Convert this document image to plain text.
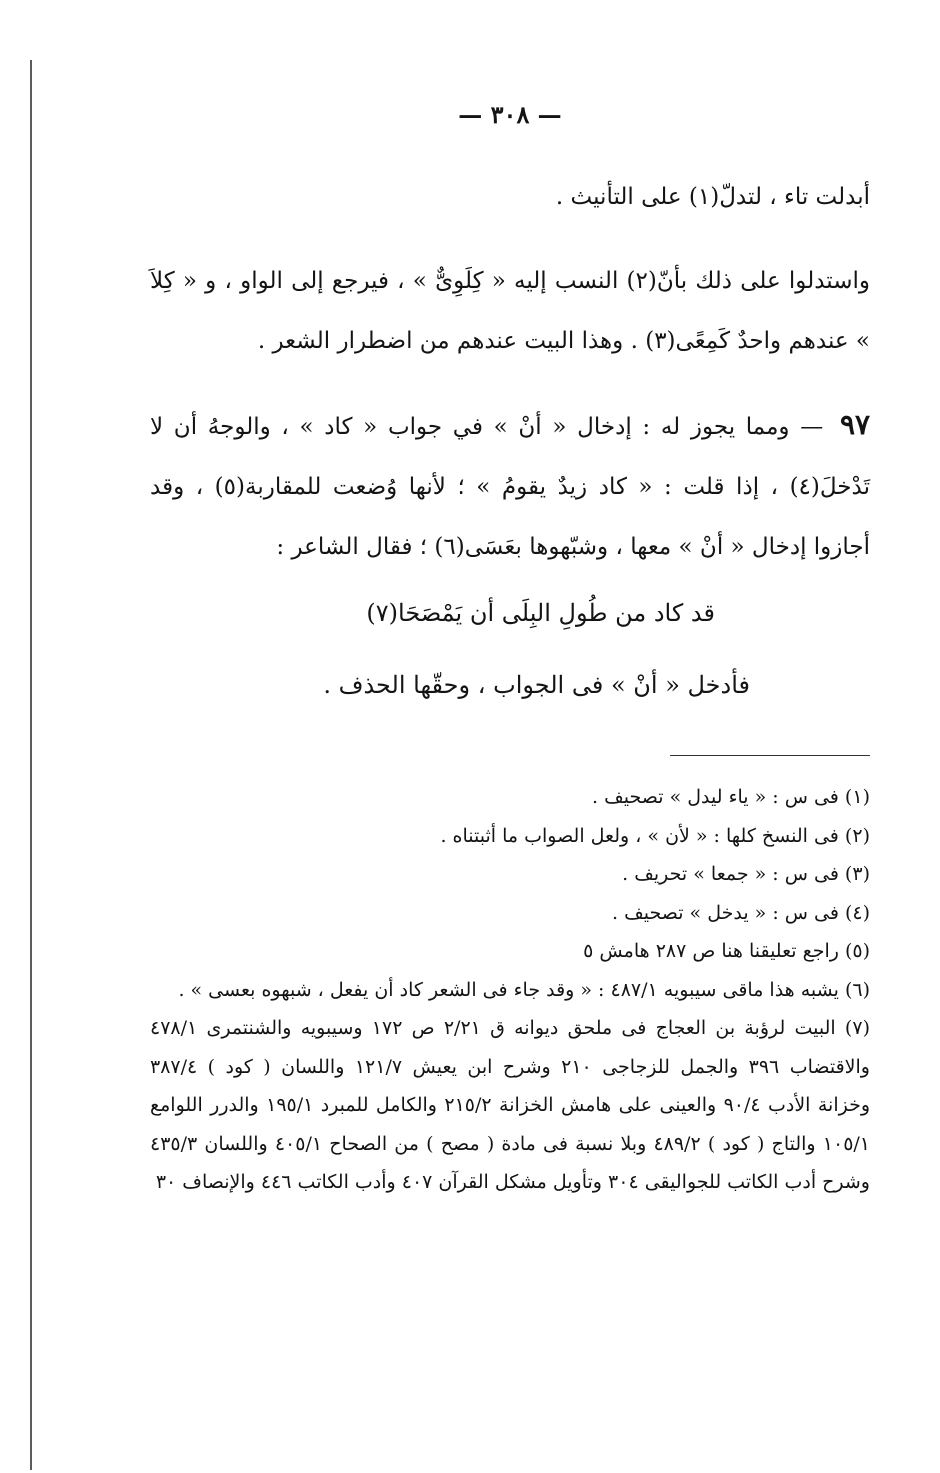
— ٣٠٨ —

أبدلت تاء ، لتدلّ(١) على التأنيث .

واستدلوا على ذلك بأنّ(٢) النسب إليه « كِلَوِىٌّ » ، فيرجع إلى الواو ، و « كِلاَ » عندهم واحدٌ كَمِعًى(٣) . وهذا البيت عندهم من اضطرار الشعر .

٩٧ — ومما يجوز له : إدخال « أنْ » في جواب « كاد » ، والوجهُ أن لا تَدْخلَ(٤) ، إذا قلت : « كاد زيدٌ يقومُ » ؛ لأنها وُضعت للمقاربة(٥) ، وقد أجازوا إدخال « أنْ » معها ، وشبّهوها بعَسَى(٦) ؛ فقال الشاعر :

قد كاد من طُولِ البِلَى أن يَمْصَحَا(٧)

فأدخل « أنْ » فى الجواب ، وحقّها الحذف .

(١) فى س : « ياء ليدل » تصحيف .

(٢) فى النسخ كلها : « لأن » ، ولعل الصواب ما أثبتناه .

(٣) فى س : « جمعا » تحريف .

(٤) فى س : « يدخل » تصحيف .

(٥) راجع تعليقنا هنا ص ٢٨٧ هامش ٥

(٦) يشبه هذا ماقى سيبويه ٤٨٧/١ : « وقد جاء فى الشعر كاد أن يفعل ، شبهوه بعسى » .

(٧) البيت لرؤبة بن العجاج فى ملحق ديوانه ق ٢/٢١ ص ١٧٢ وسيبويه والشنتمرى ٤٧٨/١ والاقتضاب ٣٩٦ والجمل للزجاجى ٢١٠ وشرح ابن يعيش ١٢١/٧ واللسان ( كود ) ٣٨٧/٤ وخزانة الأدب ٩٠/٤ والعينى على هامش الخزانة ٢١٥/٢ والكامل للمبرد ١٩٥/١ والدرر اللوامع ١٠٥/١ والتاج ( كود ) ٤٨٩/٢ وبلا نسبة فى مادة ( مصح ) من الصحاح ٤٠٥/١ واللسان ٤٣٥/٣ وشرح أدب الكاتب للجواليقى ٣٠٤ وتأويل مشكل القرآن ٤٠٧ وأدب الكاتب ٤٤٦ والإنصاف ٣٠
